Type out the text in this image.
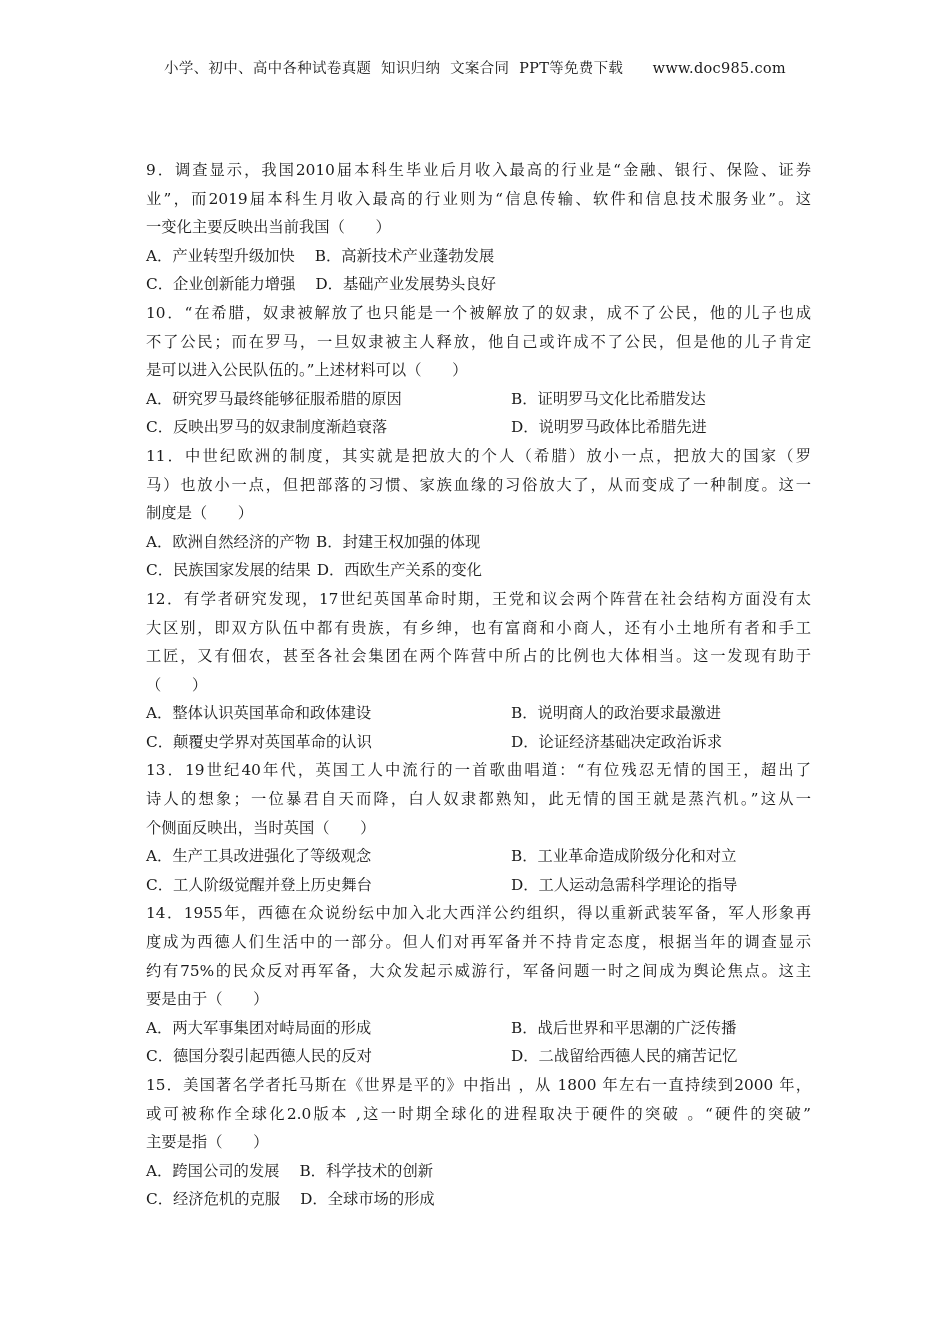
小学、初中、高中各种试卷真题  知识归纳  文案合同  PPT等免费下载      www.doc985.com
9．调查显示，我国2010届本科生毕业后月收入最高的行业是“金融、银行、保险、证券
业”，而2019届本科生月收入最高的行业则为“信息传输、软件和信息技术服务业”。这
一变化主要反映出当前我国（　　）
A．产业转型升级加快 B．高新技术产业蓬勃发展
C．企业创新能力增强 D．基础产业发展势头良好
10．“在希腊，奴隶被解放了也只能是一个被解放了的奴隶，成不了公民，他的儿子也成
不了公民；而在罗马，一旦奴隶被主人释放，他自己或许成不了公民，但是他的儿子肯定
是可以进入公民队伍的。”上述材料可以（　　）
A．研究罗马最终能够征服希腊的原因	B．证明罗马文化比希腊发达
C．反映出罗马的奴隶制度渐趋衰落	D．说明罗马政体比希腊先进
11．中世纪欧洲的制度，其实就是把放大的个人（希腊）放小一点，把放大的国家（罗
马）也放小一点，但把部落的习惯、家族血缘的习俗放大了，从而变成了一种制度。这一
制度是（　　）
A．欧洲自然经济的产物 B．封建王权加强的体现
C．民族国家发展的结果 D．西欧生产关系的变化
12．有学者研究发现，17世纪英国革命时期，王党和议会两个阵营在社会结构方面没有太
大区别，即双方队伍中都有贵族，有乡绅，也有富商和小商人，还有小土地所有者和手工
工匠，又有佃农，甚至各社会集团在两个阵营中所占的比例也大体相当。这一发现有助于
（　　）
A．整体认识英国革命和政体建设	B．说明商人的政治要求最激进
C．颠覆史学界对英国革命的认识	D．论证经济基础决定政治诉求
13．19世纪40年代，英国工人中流行的一首歌曲唱道：“有位残忍无情的国王，超出了
诗人的想象；一位暴君自天而降，白人奴隶都熟知，此无情的国王就是蒸汽机。”这从一
个侧面反映出，当时英国（　　）
A．生产工具改进强化了等级观念	B．工业革命造成阶级分化和对立
C．工人阶级觉醒并登上历史舞台	D．工人运动急需科学理论的指导
14．1955年，西德在众说纷纭中加入北大西洋公约组织，得以重新武装军备，军人形象再
度成为西德人们生活中的一部分。但人们对再军备并不持肯定态度，根据当年的调查显示
约有75%的民众反对再军备，大众发起示威游行，军备问题一时之间成为舆论焦点。这主
要是由于（　　）
A．两大军事集团对峙局面的形成	B．战后世界和平思潮的广泛传播
C．德国分裂引起西德人民的反对	D．二战留给西德人民的痛苦记忆
15．美国著名学者托马斯在《世界是平的》中指出 ，从 1800 年左右一直持续到2000 年，
或可被称作全球化2.0版本 ,这一时期全球化的进程取决于硬件的突破 。“硬件的突破”
主要是指（　　）
A．跨国公司的发展 B．科学技术的创新
C．经济危机的克服 D．全球市场的形成
